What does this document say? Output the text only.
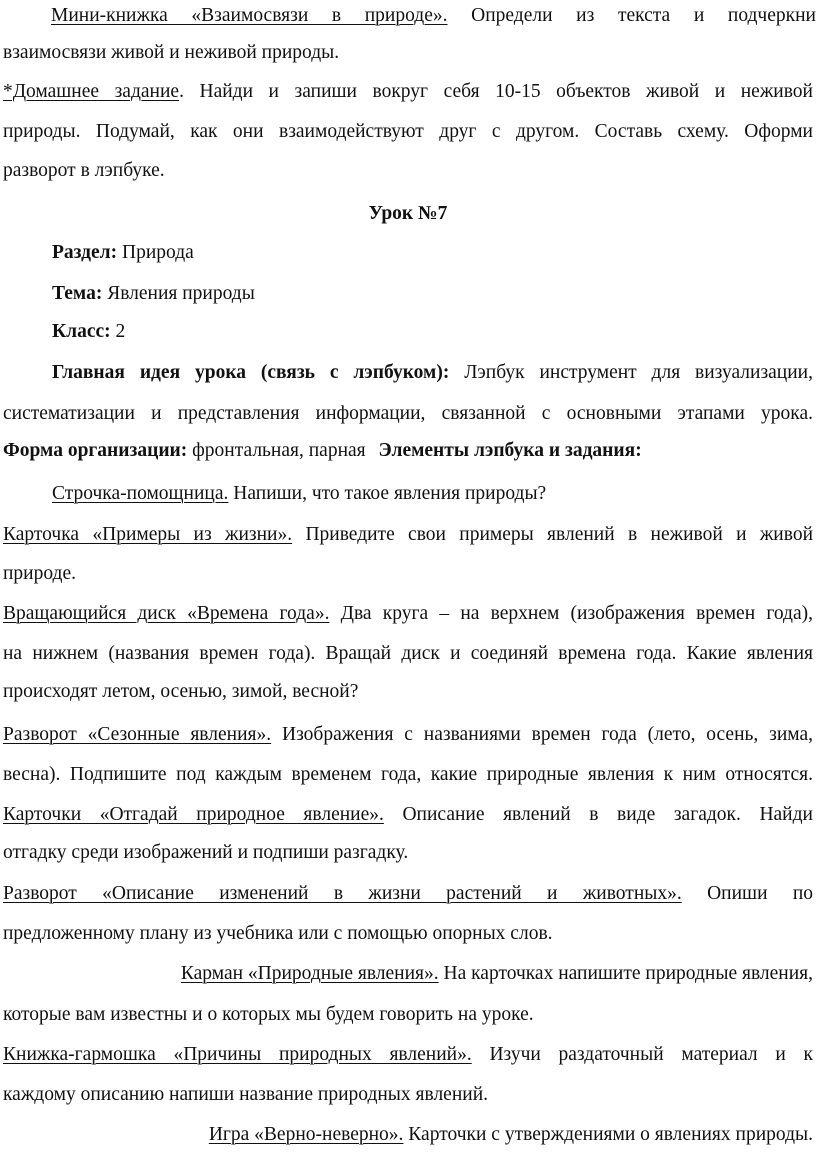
Мини-книжка «Взаимосвязи в природе». Определи из текста и подчеркни
взаимосвязи живой и неживой природы.
*Домашнее задание. Найди и запиши вокруг себя 10-15 объектов живой и неживой
природы. Подумай, как они взаимодействуют друг с другом. Составь схему. Оформи
разворот в лэпбуке.
Урок №7
Раздел: Природа
Тема: Явления природы
Класс: 2
Главная идея урока (связь с лэпбуком): Лэпбук инструмент для визуализации,
систематизации и представления информации, связанной с основными этапами урока.
Форма организации: фронтальная, парная Элементы лэпбука и задания:
Строчка-помощница. Напиши, что такое явления природы?
Карточка «Примеры из жизни». Приведите свои примеры явлений в неживой и живой
природе.
Вращающийся диск «Времена года». Два круга – на верхнем (изображения времен года),
на нижнем (названия времен года). Вращай диск и соединяй времена года. Какие явления
происходят летом, осенью, зимой, весной?
Разворот «Сезонные явления». Изображения с названиями времен года (лето, осень, зима,
весна). Подпишите под каждым временем года, какие природные явления к ним относятся.
Карточки «Отгадай природное явление». Описание явлений в виде загадок. Найди
отгадку среди изображений и подпиши разгадку.
Разворот «Описание изменений в жизни растений и животных». Опиши по
предложенному плану из учебника или с помощью опорных слов.
Карман «Природные явления». На карточках напишите природные явления,
которые вам известны и о которых мы будем говорить на уроке.
Книжка-гармошка «Причины природных явлений». Изучи раздаточный материал и к
каждому описанию напиши название природных явлений.
Игра «Верно-неверно». Карточки с утверждениями о явлениях природы.
